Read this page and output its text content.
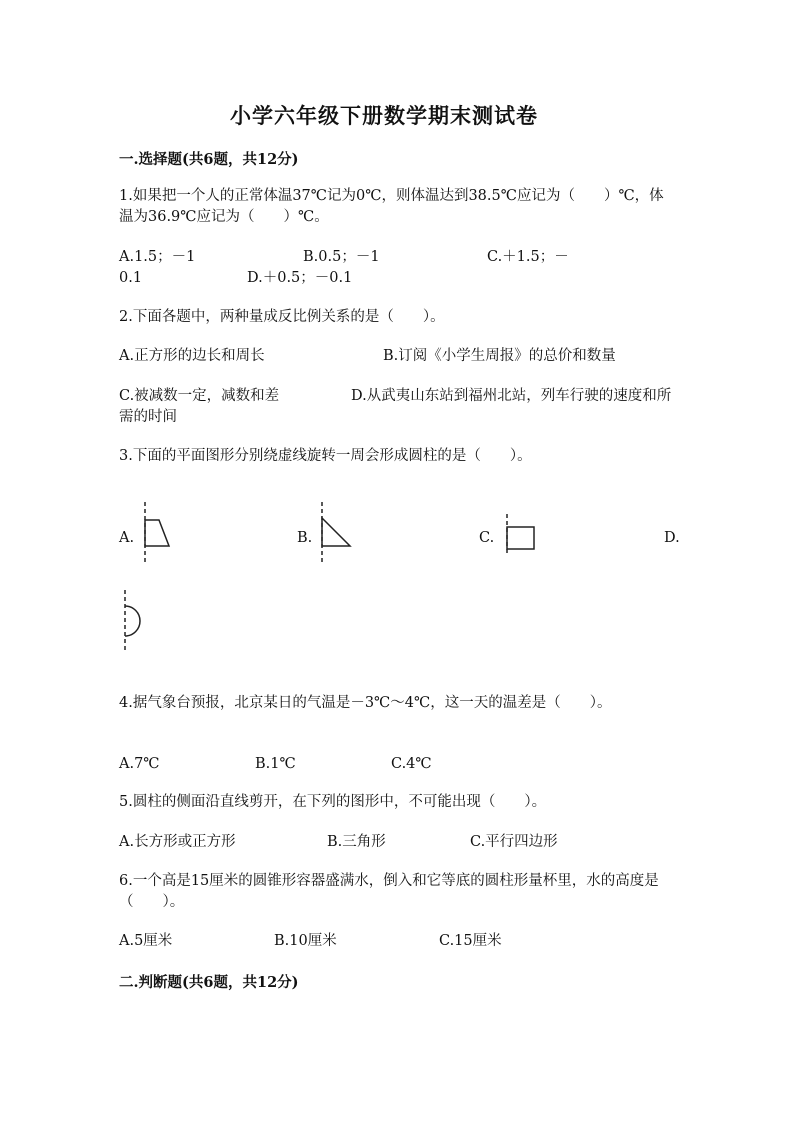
小学六年级下册数学期末测试卷
一.选择题(共6题，共12分)
1.如果把一个人的正常体温37℃记为0℃，则体温达到38.5℃应记为（　　）℃，体温为36.9℃应记为（　　）℃。
A.1.5；－1	B.0.5；－1	C.＋1.5；－
0.1	D.＋0.5；－0.1
2.下面各题中，两种量成反比例关系的是（　　）。
A.正方形的边长和周长	B.订阅《小学生周报》的总价和数量
C.被减数一定，减数和差	D.从武夷山东站到福州北站，列车行驶的速度和所需的时间
3.下面的平面图形分别绕虚线旋转一周会形成圆柱的是（　　）。
A.	B.	C.	D.
4.据气象台预报，北京某日的气温是－3℃～4℃，这一天的温差是（　　）。
A.7℃	B.1℃	C.4℃
5.圆柱的侧面沿直线剪开，在下列的图形中，不可能出现（　　）。
A.长方形或正方形	B.三角形	C.平行四边形
6.一个高是15厘米的圆锥形容器盛满水，倒入和它等底的圆柱形量杯里，水的高度是（　　）。
A.5厘米	B.10厘米	C.15厘米
二.判断题(共6题，共12分)
